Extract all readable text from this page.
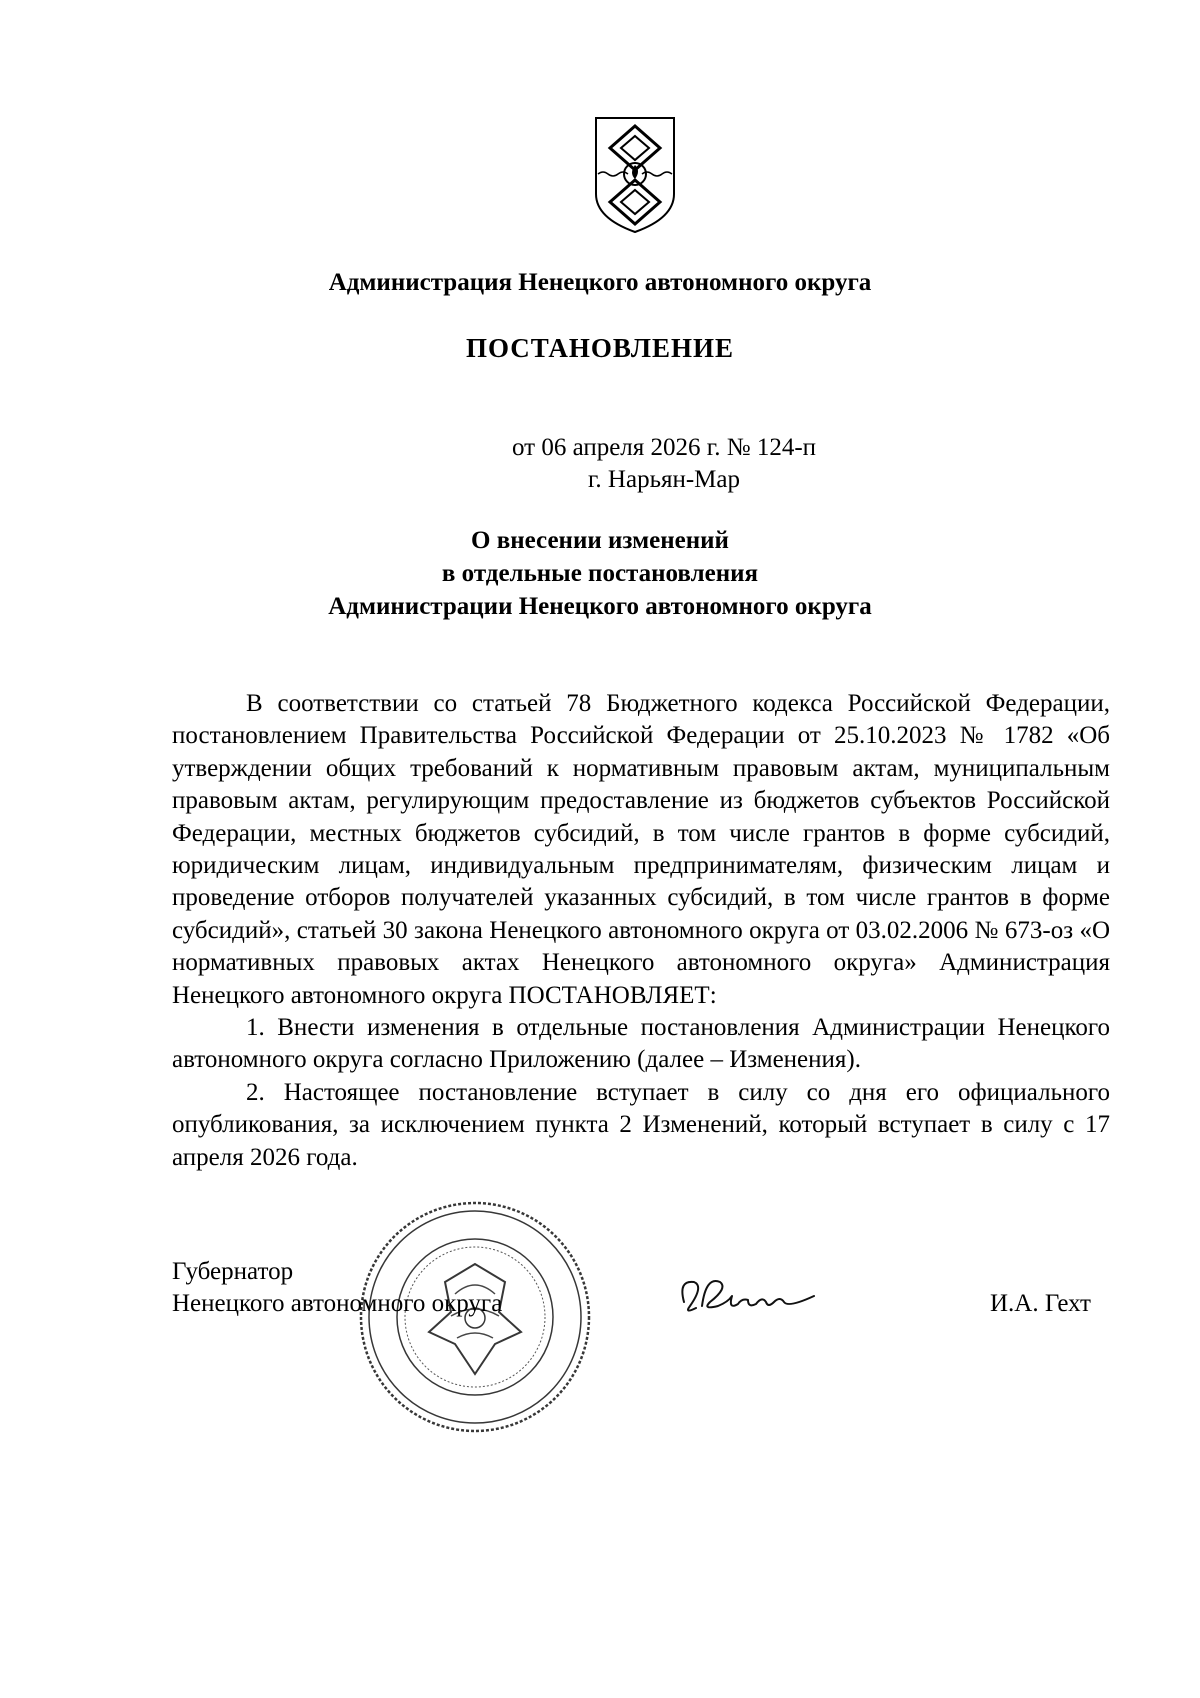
Администрация Ненецкого автономного округа
ПОСТАНОВЛЕНИЕ
от 06 апреля 2026 г. № 124-п
г. Нарьян-Мар
О внесении изменений
в отдельные постановления
Администрации Ненецкого автономного округа

В соответствии со статьей 78 Бюджетного кодекса Российской Федерации, постановлением Правительства Российской Федерации от 25.10.2023 № 1782 «Об утверждении общих требований к нормативным правовым актам, муниципальным правовым актам, регулирующим предоставление из бюджетов субъектов Российской Федерации, местных бюджетов субсидий, в том числе грантов в форме субсидий, юридическим лицам, индивидуальным предпринимателям, физическим лицам и проведение отборов получателей указанных субсидий, в том числе грантов в форме субсидий», статьей 30 закона Ненецкого автономного округа от 03.02.2006 № 673-оз «О нормативных правовых актах Ненецкого автономного округа» Администрация Ненецкого автономного округа ПОСТАНОВЛЯЕТ:

1. Внести изменения в отдельные постановления Администрации Ненецкого автономного округа согласно Приложению (далее – Изменения).

2. Настоящее постановление вступает в силу со дня его официального опубликования, за исключением пункта 2 Изменений, который вступает в силу с 17 апреля 2026 года.

Губернатор
Ненецкого автономного округа	И.А. Гехт
